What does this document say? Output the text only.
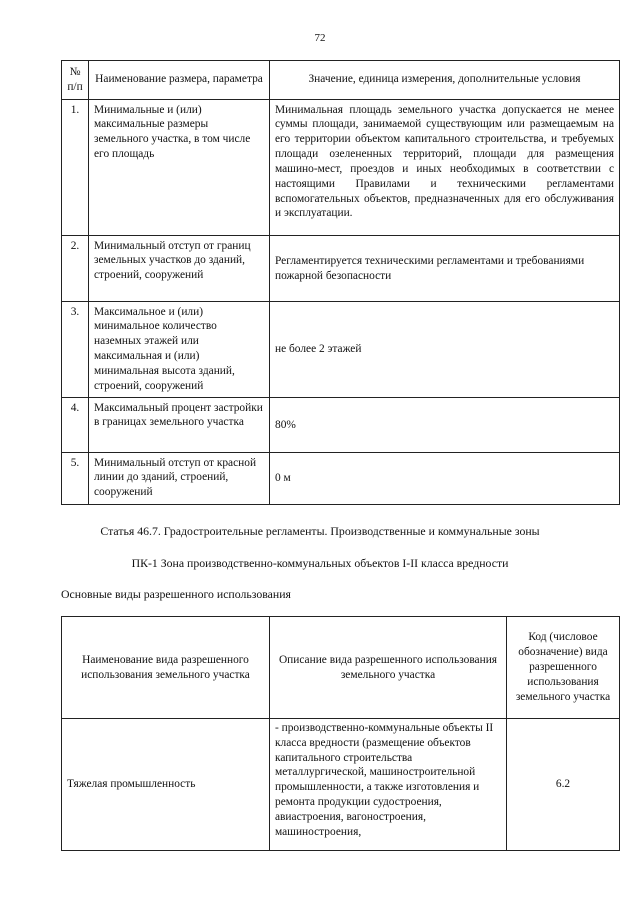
72
№ п/п	Наименование размера, параметра	Значение, единица измерения, дополнительные условия
1.	Минимальные и (или) максимальные размеры земельного участка, в том числе его площадь	Минимальная площадь земельного участка допускается не менее суммы площади, занимаемой существующим или размещаемым на его территории объектом капитального строительства, и требуемых площади озелененных территорий, площади для размещения машино-мест, проездов и иных необходимых в соответствии с настоящими Правилами и техническими регламентами вспомогательных объектов, предназначенных для его обслуживания и эксплуатации.
2.	Минимальный отступ от границ земельных участков до зданий, строений, сооружений	Регламентируется техническими регламентами и требованиями пожарной безопасности
3.	Максимальное и (или) минимальное количество наземных этажей или максимальная и (или) минимальная высота зданий, строений, сооружений	не более 2 этажей
4.	Максимальный процент застройки в границах земельного участка	80%
5.	Минимальный отступ от красной линии до зданий, строений, сооружений	0 м
Статья 46.7. Градостроительные регламенты. Производственные и коммунальные зоны
ПК-1 Зона производственно-коммунальных объектов I-II класса вредности
Основные виды разрешенного использования
Наименование вида разрешенного использования земельного участка	Описание вида разрешенного использования земельного участка	Код (числовое обозначение) вида разрешенного использования земельного участка
Тяжелая промышленность	- производственно-коммунальные объекты II класса вредности (размещение объектов капитального строительства металлургической, машиностроительной промышленности, а также изготовления и ремонта продукции судостроения, авиастроения, вагоностроения, машиностроения,	6.2
